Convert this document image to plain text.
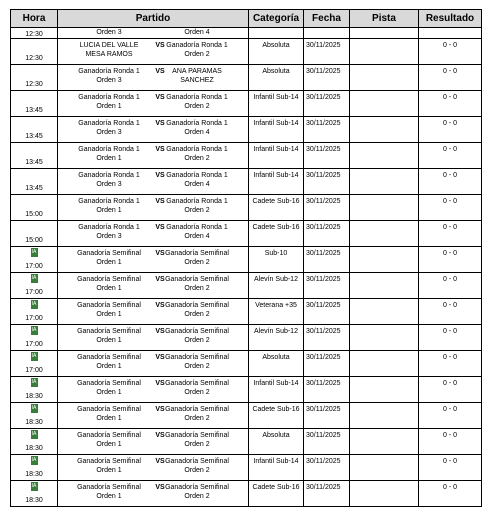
Hora	Partido	Categoría	Fecha	Pista	Resultado

12:30	Orden 3 Orden 4				

12:30	LUCIA DEL VALLE
MESA RAMOS
VS Ganadoría Ronda 1
Orden 2	Absoluta	30/11/2025		0 - 0

12:30	Ganadoría Ronda 1
Orden 3
VS ANA PARAMAS
SANCHEZ	Absoluta	30/11/2025		0 - 0

13:45	Ganadoría Ronda 1
Orden 1
VS Ganadoría Ronda 1
Orden 2	Infantil Sub-14	30/11/2025		0 - 0

13:45	Ganadoría Ronda 1
Orden 3
VS Ganadoría Ronda 1
Orden 4	Infantil Sub-14	30/11/2025		0 - 0

13:45	Ganadoría Ronda 1
Orden 1
VS Ganadoría Ronda 1
Orden 2	Infantil Sub-14	30/11/2025		0 - 0

13:45	Ganadoría Ronda 1
Orden 3
VS Ganadoría Ronda 1
Orden 4	Infantil Sub-14	30/11/2025		0 - 0

15:00	Ganadoría Ronda 1
Orden 1
VS Ganadoría Ronda 1
Orden 2	Cadete Sub-16	30/11/2025		0 - 0

15:00	Ganadoría Ronda 1
Orden 3
VS Ganadoría Ronda 1
Orden 4	Cadete Sub-16	30/11/2025		0 - 0

IA
17:00	Ganadoría Semifinal
Orden 1
VS Ganadoría Semifinal
Orden 2	Sub-10	30/11/2025		0 - 0

IA
17:00	Ganadoría Semifinal
Orden 1
VS Ganadoría Semifinal
Orden 2	Alevín Sub-12	30/11/2025		0 - 0

IA
17:00	Ganadoría Semifinal
Orden 1
VS Ganadoría Semifinal
Orden 2	Veterana +35	30/11/2025		0 - 0

IA
17:00	Ganadoría Semifinal
Orden 1
VS Ganadoría Semifinal
Orden 2	Alevín Sub-12	30/11/2025		0 - 0

IA
17:00	Ganadoría Semifinal
Orden 1
VS Ganadoría Semifinal
Orden 2	Absoluta	30/11/2025		0 - 0

IA
18:30	Ganadoría Semifinal
Orden 1
VS Ganadoría Semifinal
Orden 2	Infantil Sub-14	30/11/2025		0 - 0

IA
18:30	Ganadoría Semifinal
Orden 1
VS Ganadoría Semifinal
Orden 2	Cadete Sub-16	30/11/2025		0 - 0

IA
18:30	Ganadoría Semifinal
Orden 1
VS Ganadoría Semifinal
Orden 2	Absoluta	30/11/2025		0 - 0

IA
18:30	Ganadoría Semifinal
Orden 1
VS Ganadoría Semifinal
Orden 2	Infantil Sub-14	30/11/2025		0 - 0

IA
18:30	Ganadoría Semifinal
Orden 1
VS Ganadoría Semifinal
Orden 2	Cadete Sub-16	30/11/2025		0 - 0
